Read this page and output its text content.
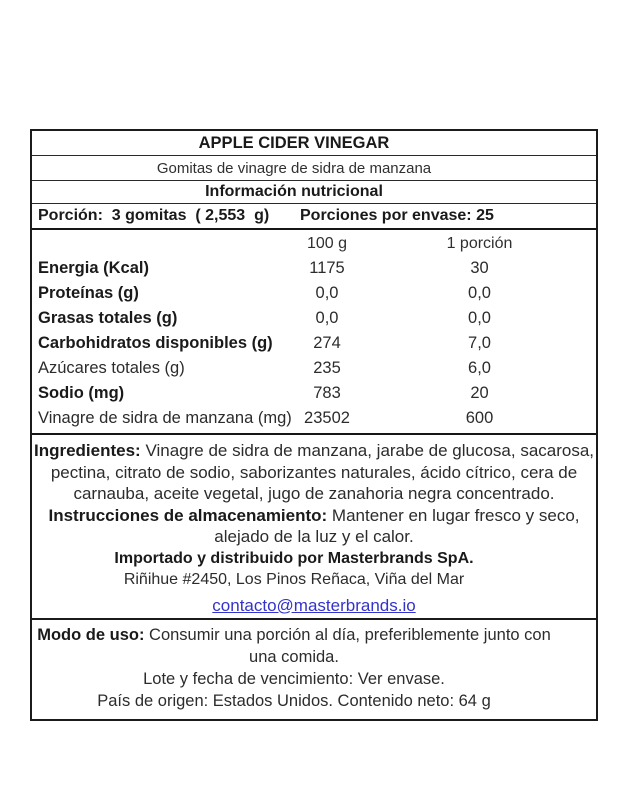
APPLE CIDER VINEGAR
Gomitas de vinagre de sidra de manzana
Información nutricional
Porción:  3 gomitas  ( 2,553  g) Porciones por envase: 25
100 g	1 porción
Energia (Kcal)	1175	30
Proteínas (g)	0,0	0,0
Grasas totales (g)	0,0	0,0
Carbohidratos disponibles (g)	274	7,0
Azúcares totales (g)	235	6,0
Sodio (mg)	783	20
Vinagre de sidra de manzana (mg) 23502	600
Ingredientes: Vinagre de sidra de manzana, jarabe de glucosa, sacarosa,
pectina, citrato de sodio, saborizantes naturales, ácido cítrico, cera de
carnauba, aceite vegetal, jugo de zanahoria negra concentrado.
Instrucciones de almacenamiento: Mantener en lugar fresco y seco,
alejado de la luz y el calor.
Importado y distribuido por Masterbrands SpA.
Riñihue #2450, Los Pinos Reñaca, Viña del Mar
contacto@masterbrands.io
Modo de uso: Consumir una porción al día, preferiblemente junto con
una comida.
Lote y fecha de vencimiento: Ver envase.
País de origen: Estados Unidos. Contenido neto: 64 g
